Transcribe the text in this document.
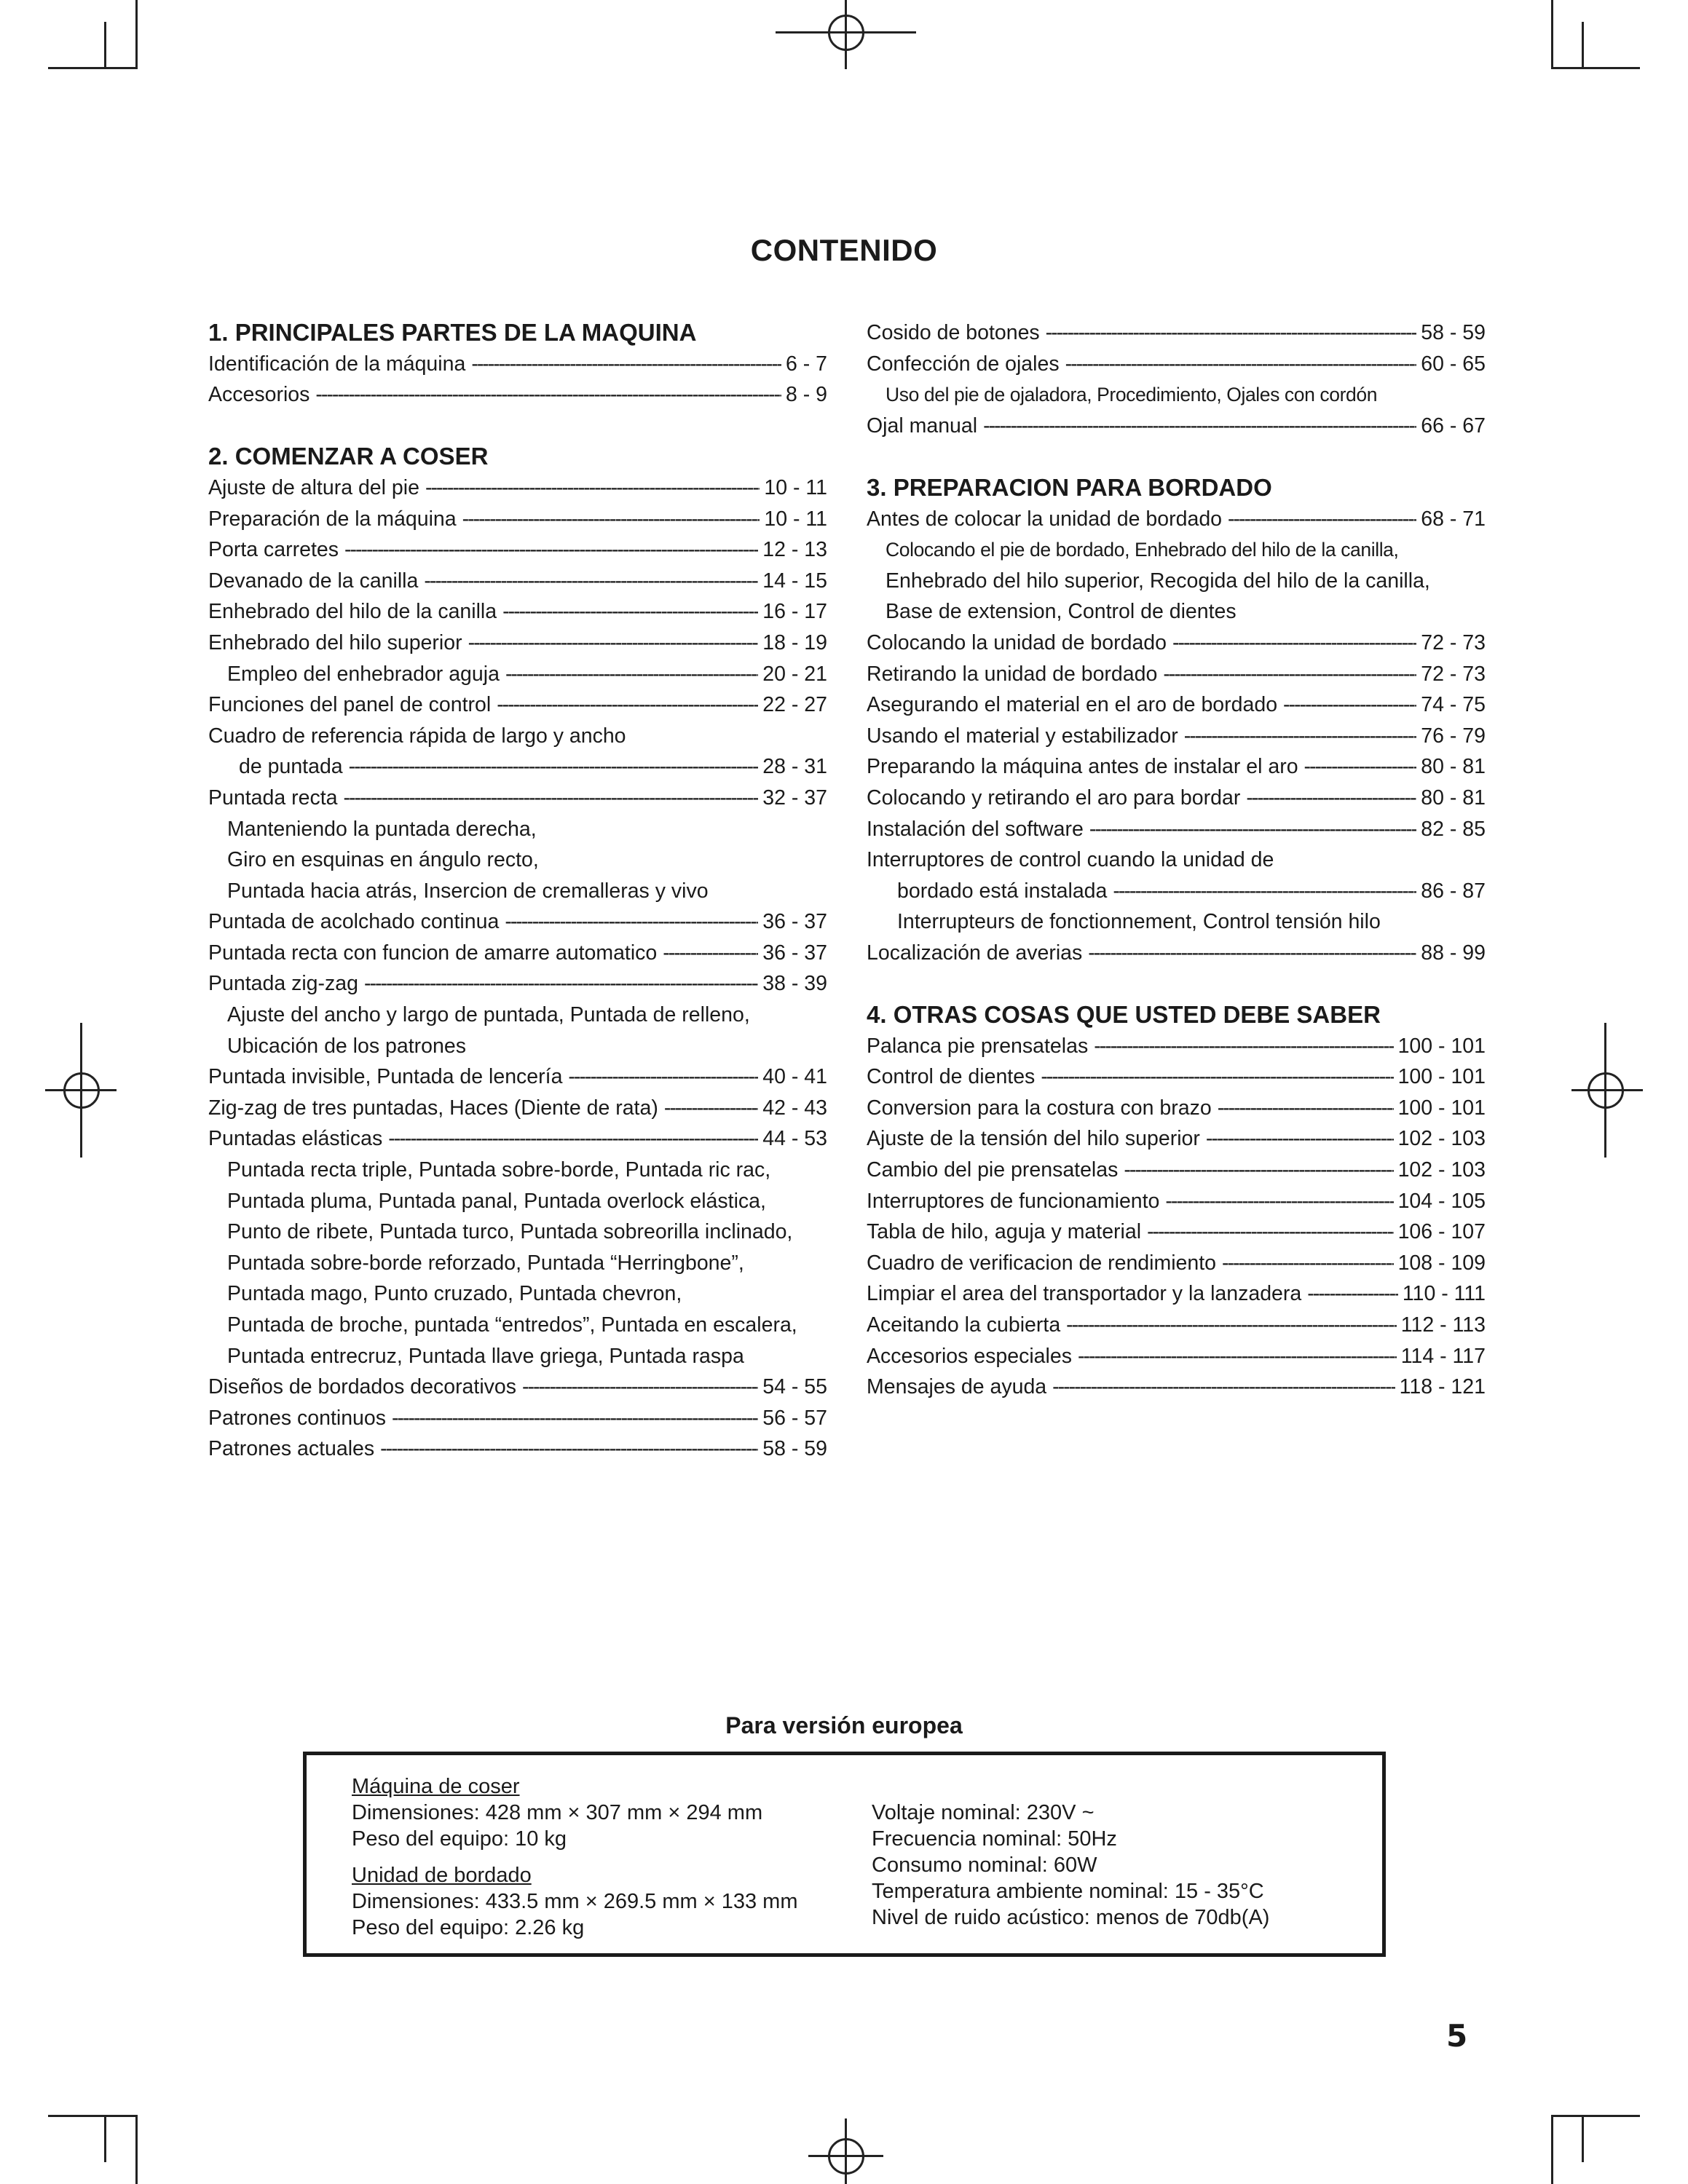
CONTENIDO
1. PRINCIPALES PARTES DE LA MAQUINA
Identificación de la máquina -----	6 - 7
Accesorios -----	8 - 9
2. COMENZAR A COSER
Ajuste de altura del pie -----	10 - 11
Preparación de la máquina -----	10 - 11
Porta carretes -----	12 - 13
Devanado de la canilla -----	14 - 15
Enhebrado del hilo de la canilla -----	16 - 17
Enhebrado del hilo superior -----	18 - 19
Empleo del enhebrador aguja -----	20 - 21
Funciones del panel de control -----	22 - 27
Cuadro de referencia rápida de largo y ancho
de puntada -----	28 - 31
Puntada recta -----	32 - 37
Manteniendo la puntada derecha,
Giro en esquinas en ángulo recto,
Puntada hacia atrás, Insercion de cremalleras y vivo
Puntada de acolchado continua -----	36 - 37
Puntada recta con funcion de amarre automatico -----	36 - 37
Puntada zig-zag -----	38 - 39
Ajuste del ancho y largo de puntada, Puntada de relleno,
Ubicación de los patrones
Puntada invisible, Puntada de lencería -----	40 - 41
Zig-zag de tres puntadas, Haces (Diente de rata) -----	42 - 43
Puntadas elásticas -----	44 - 53
Puntada recta triple, Puntada sobre-borde, Puntada ric rac,
Puntada pluma, Puntada panal, Puntada overlock elástica,
Punto de ribete, Puntada turco, Puntada sobreorilla inclinado,
Puntada sobre-borde reforzado, Puntada “Herringbone”,
Puntada mago, Punto cruzado, Puntada chevron,
Puntada de broche, puntada “entredos”, Puntada en escalera,
Puntada entrecruz, Puntada llave griega, Puntada raspa
Diseños de bordados decorativos -----	54 - 55
Patrones continuos -----	56 - 57
Patrones actuales -----	58 - 59
Cosido de botones -----	58 - 59
Confección de ojales -----	60 - 65
Uso del pie de ojaladora, Procedimiento, Ojales con cordón
Ojal manual -----	66 - 67
3. PREPARACION PARA BORDADO
Antes de colocar la unidad de bordado -----	68 - 71
Colocando el pie de bordado, Enhebrado del hilo de la canilla,
Enhebrado del hilo superior, Recogida del hilo de la canilla,
Base de extension, Control de dientes
Colocando la unidad de bordado -----	72 - 73
Retirando la unidad de bordado -----	72 - 73
Asegurando el material en el aro de bordado -----	74 - 75
Usando el material y estabilizador -----	76 - 79
Preparando la máquina antes de instalar el aro -----	80 - 81
Colocando y retirando el aro para bordar -----	80 - 81
Instalación del software -----	82 - 85
Interruptores de control cuando la unidad de
bordado está instalada -----	86 - 87
Interrupteurs de fonctionnement, Control tensión hilo
Localización de averias -----	88 - 99
4. OTRAS COSAS QUE USTED DEBE SABER
Palanca pie prensatelas -----	100 - 101
Control de dientes -----	100 - 101
Conversion para la costura con brazo -----	100 - 101
Ajuste de la tensión del hilo superior -----	102 - 103
Cambio del pie prensatelas -----	102 - 103
Interruptores de funcionamiento -----	104 - 105
Tabla de hilo, aguja y material -----	106 - 107
Cuadro de verificacion de rendimiento -----	108 - 109
Limpiar el area del transportador y la lanzadera -----	110 - 111
Aceitando la cubierta -----	112 - 113
Accesorios especiales -----	114 - 117
Mensajes de ayuda -----	118 - 121
Para versión europea
Máquina de coser
Dimensiones: 428 mm × 307 mm × 294 mm
Peso del equipo: 10 kg
Unidad de bordado
Dimensiones: 433.5 mm × 269.5 mm × 133 mm
Peso del equipo: 2.26 kg
Voltaje nominal: 230V ~
Frecuencia nominal: 50Hz
Consumo nominal: 60W
Temperatura ambiente nominal: 15 - 35°C
Nivel de ruido acústico: menos de 70db(A)
5
